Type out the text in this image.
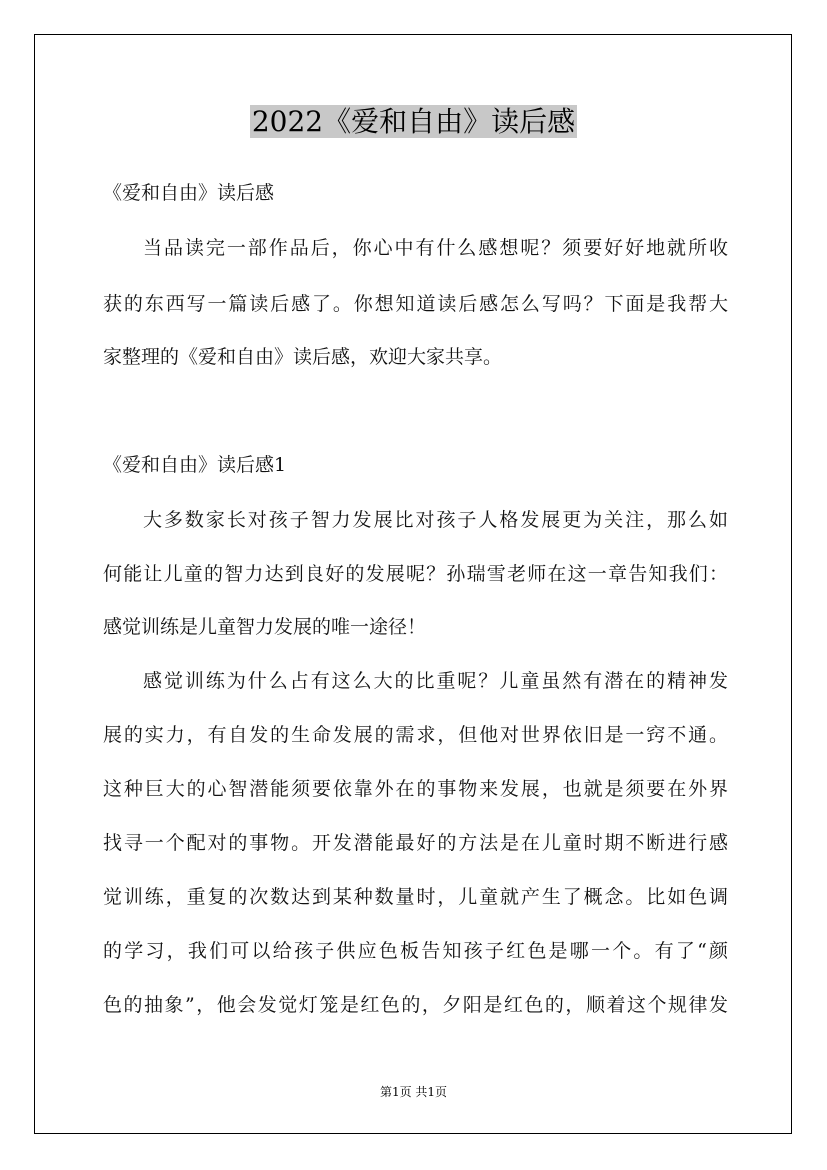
2022《爱和自由》读后感
《爱和自由》读后感
当品读完一部作品后，你心中有什么感想呢？须要好好地就所收
获的东西写一篇读后感了。你想知道读后感怎么写吗？下面是我帮大
家整理的《爱和自由》读后感，欢迎大家共享。
《爱和自由》读后感1
大多数家长对孩子智力发展比对孩子人格发展更为关注，那么如
何能让儿童的智力达到良好的发展呢？孙瑞雪老师在这一章告知我们：
感觉训练是儿童智力发展的唯一途径！
感觉训练为什么占有这么大的比重呢？儿童虽然有潜在的精神发
展的实力，有自发的生命发展的需求，但他对世界依旧是一窍不通。
这种巨大的心智潜能须要依靠外在的事物来发展，也就是须要在外界
找寻一个配对的事物。开发潜能最好的方法是在儿童时期不断进行感
觉训练，重复的次数达到某种数量时，儿童就产生了概念。比如色调
的学习，我们可以给孩子供应色板告知孩子红色是哪一个。有了“颜
色的抽象”，他会发觉灯笼是红色的，夕阳是红色的，顺着这个规律发
第1页 共1页
